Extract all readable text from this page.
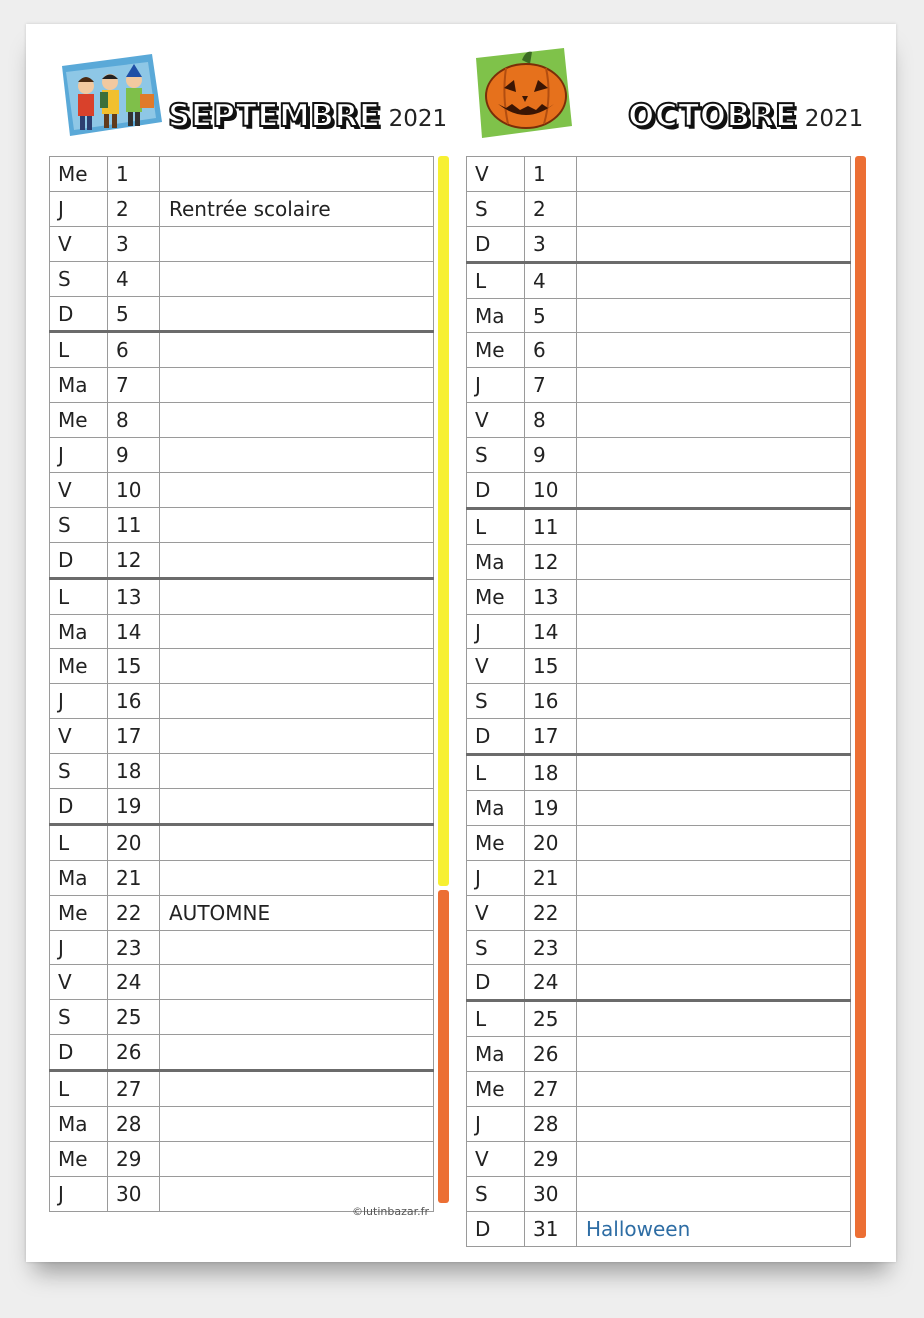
SEPTEMBRE 2021	OCTOBRE 2021
Me	1	
J	2	Rentrée scolaire
V	3	
S	4	
D	5	
L	6	
Ma	7	
Me	8	
J	9	
V	10	
S	11	
D	12	
L	13	
Ma	14	
Me	15	
J	16	
V	17	
S	18	
D	19	
L	20	
Ma	21	
Me	22	AUTOMNE
J	23	
V	24	
S	25	
D	26	
L	27	
Ma	28	
Me	29	
J	30	
V	1	
S	2	
D	3	
L	4	
Ma	5	
Me	6	
J	7	
V	8	
S	9	
D	10	
L	11	
Ma	12	
Me	13	
J	14	
V	15	
S	16	
D	17	
L	18	
Ma	19	
Me	20	
J	21	
V	22	
S	23	
D	24	
L	25	
Ma	26	
Me	27	
J	28	
V	29	
S	30	
D	31	Halloween
©lutinbazar.fr
